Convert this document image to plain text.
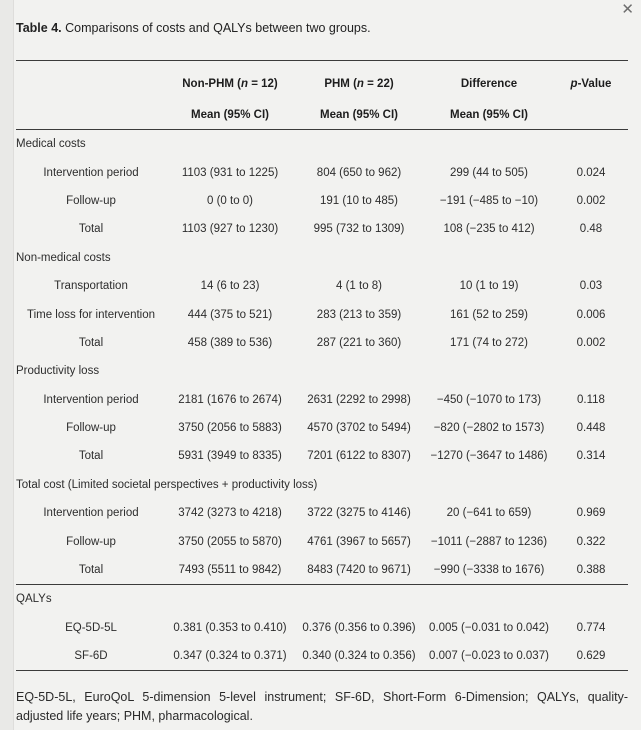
✕

Table 4. Comparisons of costs and QALYs between two groups.

	Non-PHM (n = 12)	PHM (n = 22)	Difference	p-Value
	Mean (95% CI)	Mean (95% CI)	Mean (95% CI)	
Medical costs				
Intervention period	1103 (931 to 1225)	804 (650 to 962)	299 (44 to 505)	0.024
Follow-up	0 (0 to 0)	191 (10 to 485)	−191 (−485 to −10)	0.002
Total	1103 (927 to 1230)	995 (732 to 1309)	108 (−235 to 412)	0.48
Non-medical costs				
Transportation	14 (6 to 23)	4 (1 to 8)	10 (1 to 19)	0.03
Time loss for intervention	444 (375 to 521)	283 (213 to 359)	161 (52 to 259)	0.006
Total	458 (389 to 536)	287 (221 to 360)	171 (74 to 272)	0.002
Productivity loss				
Intervention period	2181 (1676 to 2674)	2631 (2292 to 2998)	−450 (−1070 to 173)	0.118
Follow-up	3750 (2056 to 5883)	4570 (3702 to 5494)	−820 (−2802 to 1573)	0.448
Total	5931 (3949 to 8335)	7201 (6122 to 8307)	−1270 (−3647 to 1486)	0.314
Total cost (Limited societal perspectives + productivity loss)				
Intervention period	3742 (3273 to 4218)	3722 (3275 to 4146)	20 (−641 to 659)	0.969
Follow-up	3750 (2055 to 5870)	4761 (3967 to 5657)	−1011 (−2887 to 1236)	0.322
Total	7493 (5511 to 9842)	8483 (7420 to 9671)	−990 (−3338 to 1676)	0.388
QALYs				
EQ-5D-5L	0.381 (0.353 to 0.410)	0.376 (0.356 to 0.396)	0.005 (−0.031 to 0.042)	0.774
SF-6D	0.347 (0.324 to 0.371)	0.340 (0.324 to 0.356)	0.007 (−0.023 to 0.037)	0.629

EQ-5D-5L, EuroQoL 5-dimension 5-level instrument; SF-6D, Short-Form 6-Dimension; QALYs, quality-adjusted life years; PHM, pharmacological.
